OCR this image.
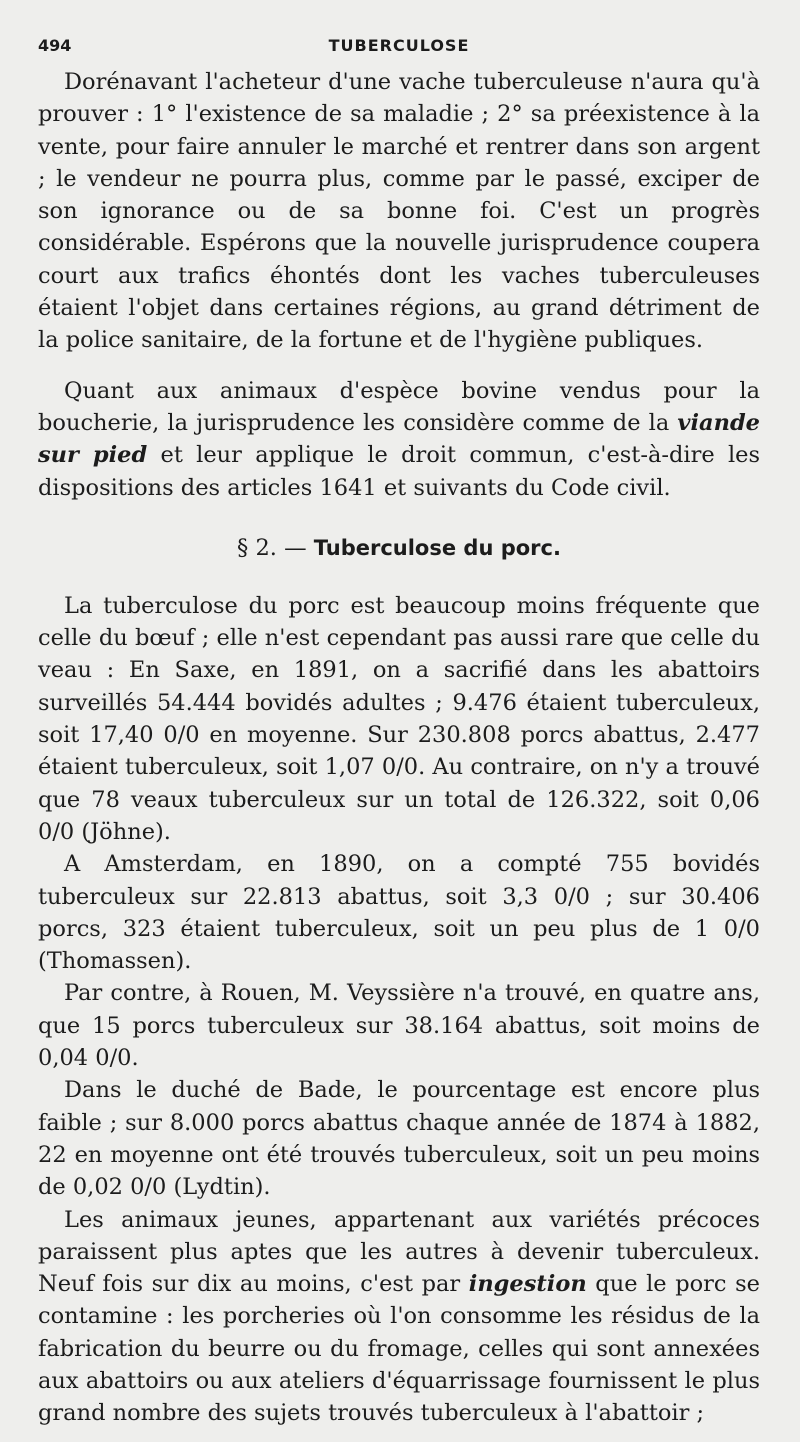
494	TUBERCULOSE

Dorénavant l'acheteur d'une vache tuberculeuse n'aura qu'à prouver : 1° l'existence de sa maladie ; 2° sa préexistence à la vente, pour faire annuler le marché et rentrer dans son argent ; le vendeur ne pourra plus, comme par le passé, exciper de son ignorance ou de sa bonne foi. C'est un progrès considérable. Espérons que la nouvelle jurisprudence coupera court aux trafics éhontés dont les vaches tuberculeuses étaient l'objet dans certaines régions, au grand détriment de la police sanitaire, de la fortune et de l'hygiène publiques.

Quant aux animaux d'espèce bovine vendus pour la boucherie, la jurisprudence les considère comme de la viande sur pied et leur applique le droit commun, c'est-à-dire les dispositions des articles 1641 et suivants du Code civil.

§ 2. — Tuberculose du porc.

La tuberculose du porc est beaucoup moins fréquente que celle du bœuf ; elle n'est cependant pas aussi rare que celle du veau : En Saxe, en 1891, on a sacrifié dans les abattoirs surveillés 54.444 bovidés adultes ; 9.476 étaient tuberculeux, soit 17,40 0/0 en moyenne. Sur 230.808 porcs abattus, 2.477 étaient tuberculeux, soit 1,07 0/0. Au contraire, on n'y a trouvé que 78 veaux tuberculeux sur un total de 126.322, soit 0,06 0/0 (Jöhne).

A Amsterdam, en 1890, on a compté 755 bovidés tuberculeux sur 22.813 abattus, soit 3,3 0/0 ; sur 30.406 porcs, 323 étaient tuberculeux, soit un peu plus de 1 0/0 (Thomassen).

Par contre, à Rouen, M. Veyssière n'a trouvé, en quatre ans, que 15 porcs tuberculeux sur 38.164 abattus, soit moins de 0,04 0/0.

Dans le duché de Bade, le pourcentage est encore plus faible ; sur 8.000 porcs abattus chaque année de 1874 à 1882, 22 en moyenne ont été trouvés tuberculeux, soit un peu moins de 0,02 0/0 (Lydtin).

Les animaux jeunes, appartenant aux variétés précoces paraissent plus aptes que les autres à devenir tuberculeux. Neuf fois sur dix au moins, c'est par ingestion que le porc se contamine : les porcheries où l'on consomme les résidus de la fabrication du beurre ou du fromage, celles qui sont annexées aux abattoirs ou aux ateliers d'équarrissage fournissent le plus grand nombre des sujets trouvés tuberculeux à l'abattoir ;
